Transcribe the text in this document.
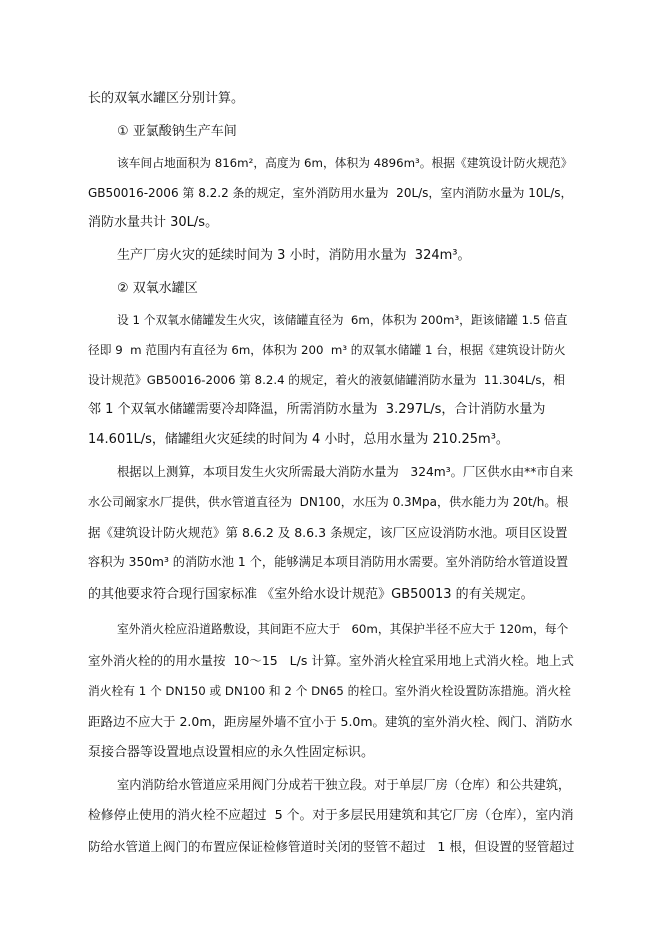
长的双氧水罐区分别计算。

① 亚氯酸钠生产车间

该车间占地面积为 816m²，高度为 6m，体积为 4896m³。根据《建筑设计防火规范》

GB50016-2006 第 8.2.2 条的规定，室外消防用水量为  20L/s，室内消防水量为 10L/s，

消防水量共计 30L/s。

生产厂房火灾的延续时间为 3 小时，消防用水量为  324m³。

② 双氧水罐区

设 1 个双氧水储罐发生火灾，该储罐直径为  6m，体积为 200m³，距该储罐 1.5 倍直

径即 9  m 范围内有直径为 6m，体积为 200  m³ 的双氧水储罐 1 台，根据《建筑设计防火

设计规范》GB50016-2006 第 8.2.4 的规定，着火的液氨储罐消防水量为  11.304L/s，相

邻 1 个双氧水储罐需要冷却降温，所需消防水量为  3.297L/s，合计消防水量为

14.601L/s，储罐组火灾延续的时间为 4 小时，总用水量为 210.25m³。

根据以上测算，本项目发生火灾所需最大消防水量为   324m³。厂区供水由**市自来

水公司阚家水厂提供，供水管道直径为  DN100，水压为 0.3Mpa，供水能力为 20t/h。根

据《建筑设计防火规范》第 8.6.2 及 8.6.3 条规定，该厂区应设消防水池。项目区设置

容积为 350m³ 的消防水池 1 个，能够满足本项目消防用水需要。室外消防给水管道设置

的其他要求符合现行国家标准 《室外给水设计规范》GB50013 的有关规定。

室外消火栓应沿道路敷设，其间距不应大于   60m，其保护半径不应大于 120m，每个

室外消火栓的的用水量按  10～15   L/s 计算。室外消火栓宜采用地上式消火栓。地上式

消火栓有 1 个 DN150 或 DN100 和 2 个 DN65 的栓口。室外消火栓设置防冻措施。消火栓

距路边不应大于 2.0m，距房屋外墙不宜小于 5.0m。建筑的室外消火栓、阀门、消防水

泵接合器等设置地点设置相应的永久性固定标识。

室内消防给水管道应采用阀门分成若干独立段。对于单层厂房（仓库）和公共建筑，

检修停止使用的消火栓不应超过  5 个。对于多层民用建筑和其它厂房（仓库），室内消

防给水管道上阀门的布置应保证检修管道时关闭的竖管不超过   1 根，但设置的竖管超过
